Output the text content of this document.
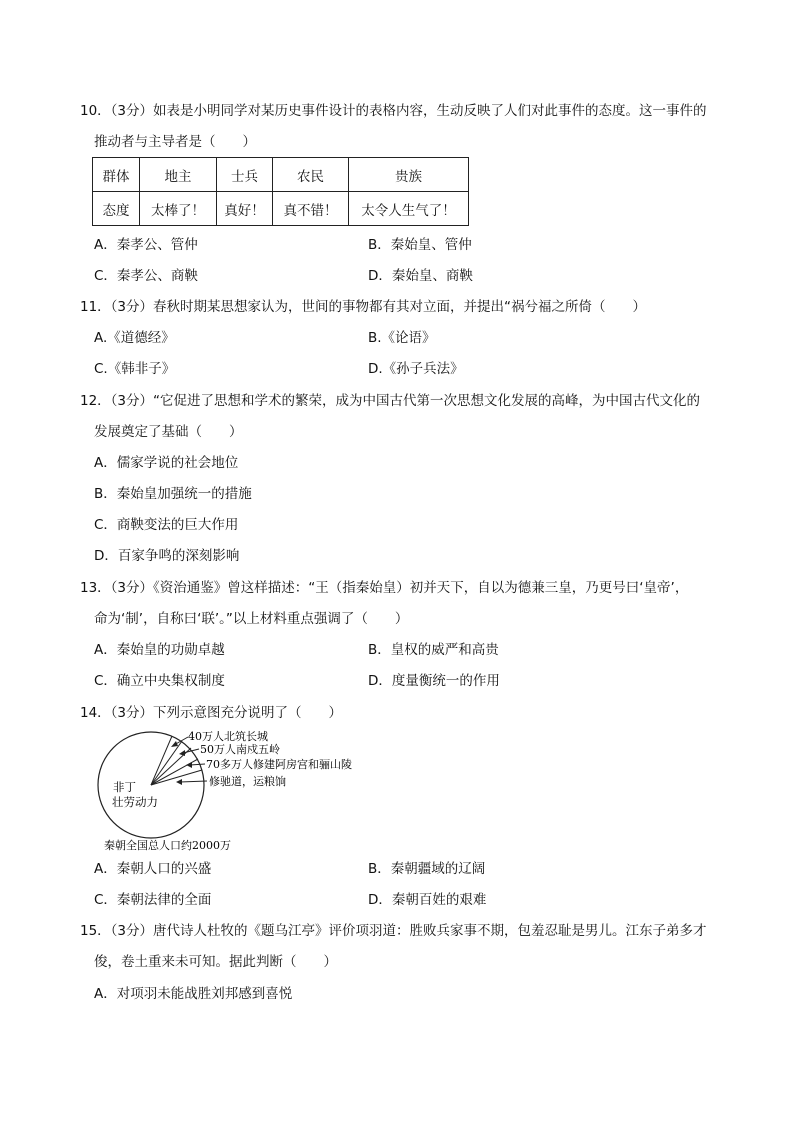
10．（3分）如表是小明同学对某历史事件设计的表格内容，生动反映了人们对此事件的态度。这一事件的
推动者与主导者是（　　）
群体	地主	士兵	农民	贵族
态度	太棒了！	真好！	真不错！	太令人生气了！
A．秦孝公、管仲	B．秦始皇、管仲
C．秦孝公、商鞅	D．秦始皇、商鞅
11．（3分）春秋时期某思想家认为，世间的事物都有其对立面，并提出“祸兮福之所倚（　　）
A.《道德经》	B.《论语》
C.《韩非子》	D.《孙子兵法》
12．（3分）“它促进了思想和学术的繁荣，成为中国古代第一次思想文化发展的高峰，为中国古代文化的
发展奠定了基础（　　）
A．儒家学说的社会地位
B．秦始皇加强统一的措施
C．商鞅变法的巨大作用
D．百家争鸣的深刻影响
13．（3分）《资治通鉴》曾这样描述：“王（指秦始皇）初并天下，自以为德兼三皇，乃更号曰‘皇帝’，
命为‘制’，自称曰‘联’。”以上材料重点强调了（　　）
A．秦始皇的功勋卓越	B．皇权的威严和高贵
C．确立中央集权制度	D．度量衡统一的作用
14．（3分）下列示意图充分说明了（　　）
40万人北筑长城
50万人南戍五岭
70多万人修建阿房宫和骊山陵
修驰道，运粮饷
非丁
壮劳动力
秦朝全国总人口约2000万
A．秦朝人口的兴盛	B．秦朝疆域的辽阔
C．秦朝法律的全面	D．秦朝百姓的艰难
15．（3分）唐代诗人杜牧的《题乌江亭》评价项羽道：胜败兵家事不期，包羞忍耻是男儿。江东子弟多才
俊，卷土重来未可知。据此判断（　　）
A．对项羽未能战胜刘邦感到喜悦
